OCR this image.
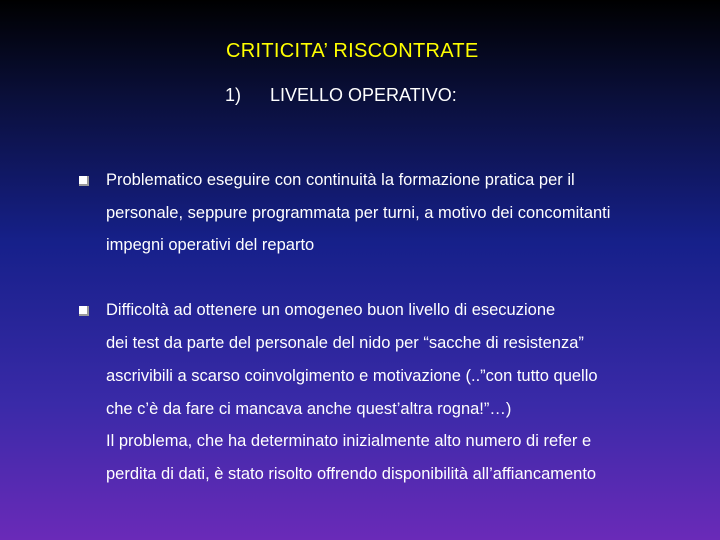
CRITICITA’ RISCONTRATE
1) LIVELLO OPERATIVO:
Problematico eseguire con continuità la formazione pratica per il
personale, seppure programmata per turni, a motivo dei concomitanti
impegni operativi del reparto
Difficoltà ad ottenere un omogeneo buon livello di esecuzione
dei test da parte del personale del nido per “sacche di resistenza”
ascrivibili a scarso coinvolgimento e motivazione (..”con tutto quello
che c’è da fare ci mancava anche quest’altra rogna!”…)
Il problema, che ha determinato inizialmente alto numero di refer e
perdita di dati, è stato risolto offrendo disponibilità all’affiancamento
